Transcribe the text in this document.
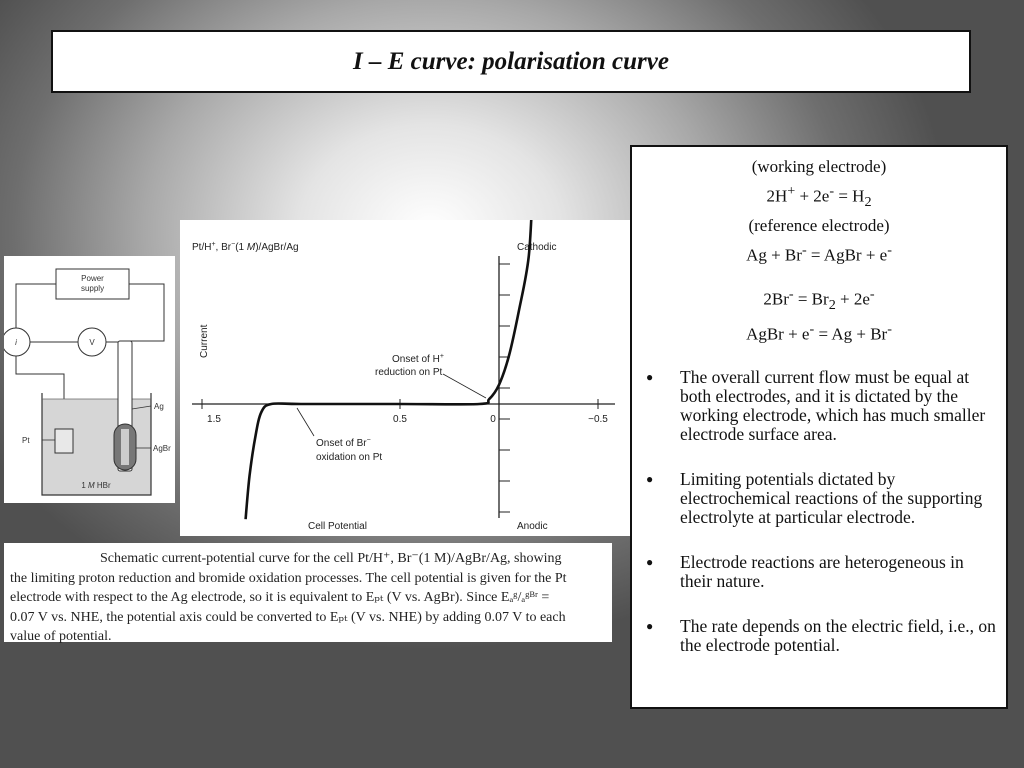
I – E curve: polarisation curve
Power
supply
i	V
Ag
Pt
AgBr
1 M HBr
Pt/H+, Br−(1 M)/AgBr/Ag	Cathodic
Anodic
Cell Potential
Current
1.5	0.5	0	−0.5
Onset of H+
reduction on Pt
Onset of Br−
oxidation on Pt
Schematic current-potential curve for the cell Pt/H⁺, Br⁻(1 M)/AgBr/Ag, showing
the limiting proton reduction and bromide oxidation processes. The cell potential is given for the Pt
electrode with respect to the Ag electrode, so it is equivalent to Eₚₜ (V vs. AgBr). Since Eₐᵍ/ₐᵍᴮʳ =
0.07 V vs. NHE, the potential axis could be converted to Eₚₜ (V vs. NHE) by adding 0.07 V to each
value of potential.
(working electrode)
$2H^+ + 2e^- = H_2$
(reference electrode)
Ag + Br- = AgBr + e-
$2Br^- = Br_2 + 2e^-$
AgBr + e- = Ag + Br-
● The overall current flow must be equal at both electrodes, and it is dictated by the working electrode, which has much smaller electrode surface area.
● Limiting potentials dictated by electrochemical reactions of the supporting electrolyte at particular electrode.
● Electrode reactions are heterogeneous in their nature.
● The rate depends on the electric field, i.e., on the electrode potential.
